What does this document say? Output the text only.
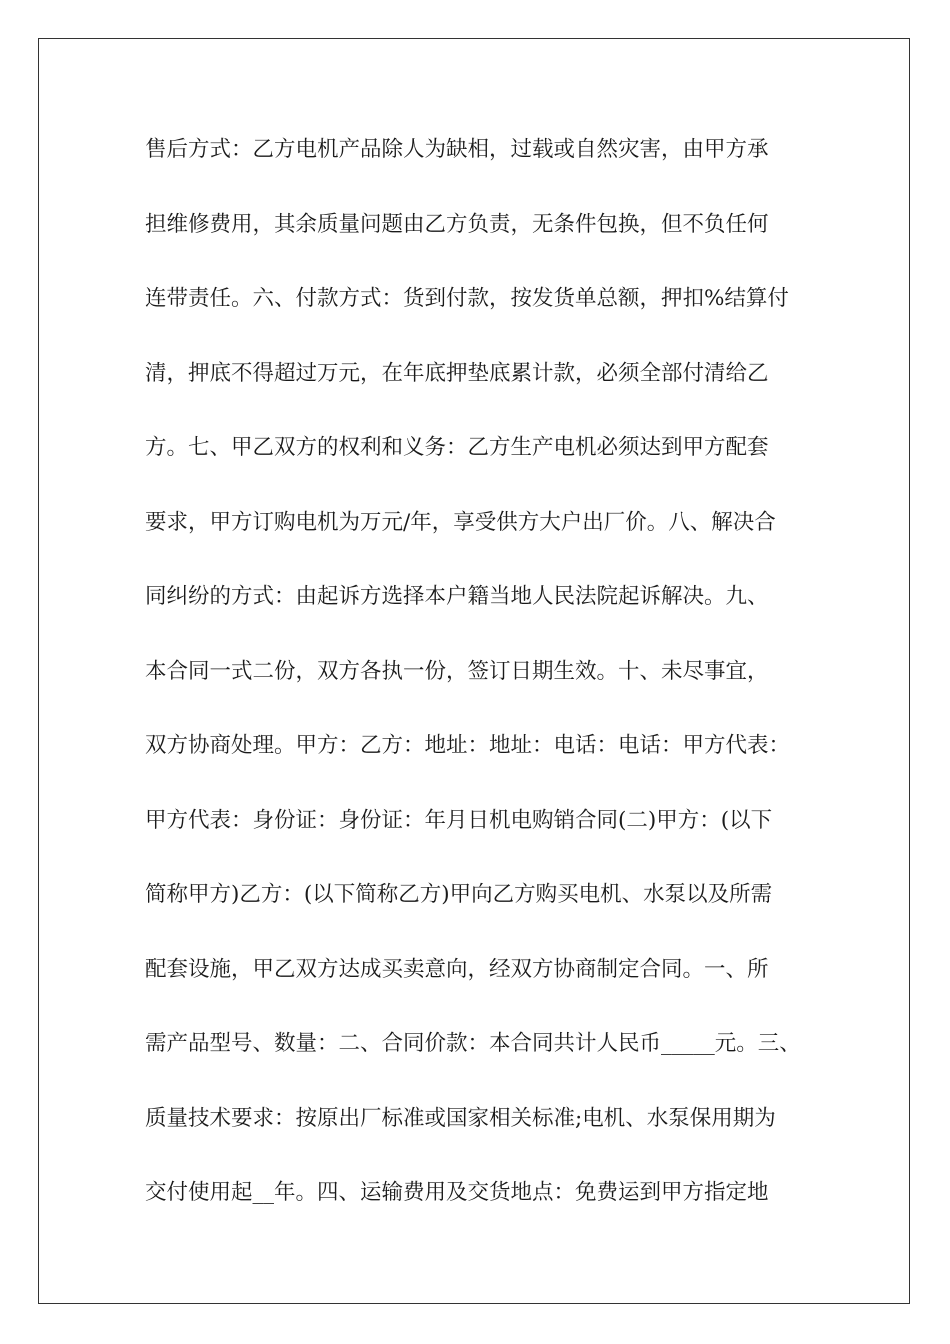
售后方式：乙方电机产品除人为缺相，过载或自然灾害，由甲方承
担维修费用，其余质量问题由乙方负责，无条件包换，但不负任何
连带责任。六、付款方式：货到付款，按发货单总额，押扣%结算付
清，押底不得超过万元，在年底押垫底累计款，必须全部付清给乙
方。七、甲乙双方的权利和义务：乙方生产电机必须达到甲方配套
要求，甲方订购电机为万元/年，享受供方大户出厂价。八、解决合
同纠纷的方式：由起诉方选择本户籍当地人民法院起诉解决。九、
本合同一式二份，双方各执一份，签订日期生效。十、未尽事宜，
双方协商处理。甲方：乙方：地址：地址：电话：电话：甲方代表：
甲方代表：身份证：身份证：年月日机电购销合同(二)甲方：(以下
简称甲方)乙方：(以下简称乙方)甲向乙方购买电机、水泵以及所需
配套设施，甲乙双方达成买卖意向，经双方协商制定合同。一、所
需产品型号、数量：二、合同价款：本合同共计人民币_____元。三、
质量技术要求：按原出厂标准或国家相关标准;电机、水泵保用期为
交付使用起__年。四、运输费用及交货地点：免费运到甲方指定地
